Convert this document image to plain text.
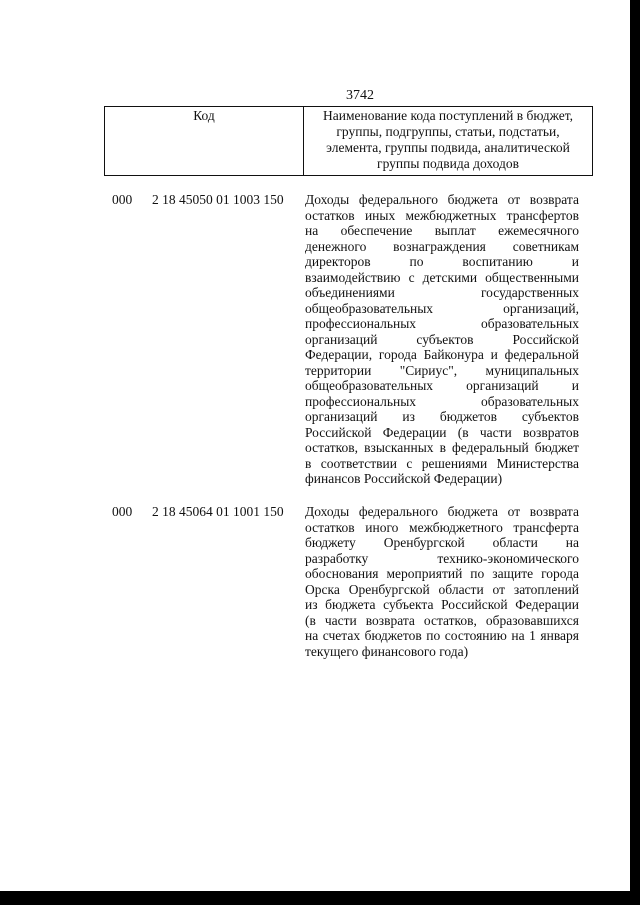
3742
Код	Наименование кода поступлений в бюджет,
группы, подгруппы, статьи, подстатьи,
элемента, группы подвида, аналитической
группы подвида доходов
000 2 18 45050 01 1003 150 Доходы федерального бюджета от возврата
остатков иных межбюджетных трансфертов
на обеспечение выплат ежемесячного
денежного вознаграждения советникам
директоров по воспитанию и
взаимодействию с детскими общественными
объединениями государственных
общеобразовательных организаций,
профессиональных образовательных
организаций субъектов Российской
Федерации, города Байконура и федеральной
территории "Сириус", муниципальных
общеобразовательных организаций и
профессиональных образовательных
организаций из бюджетов субъектов
Российской Федерации (в части возвратов
остатков, взысканных в федеральный бюджет
в соответствии с решениями Министерства
финансов Российской Федерации)
000 2 18 45064 01 1001 150 Доходы федерального бюджета от возврата
остатков иного межбюджетного трансферта
бюджету Оренбургской области на
разработку технико-экономического
обоснования мероприятий по защите города
Орска Оренбургской области от затоплений
из бюджета субъекта Российской Федерации
(в части возврата остатков, образовавшихся
на счетах бюджетов по состоянию на 1 января
текущего финансового года)
